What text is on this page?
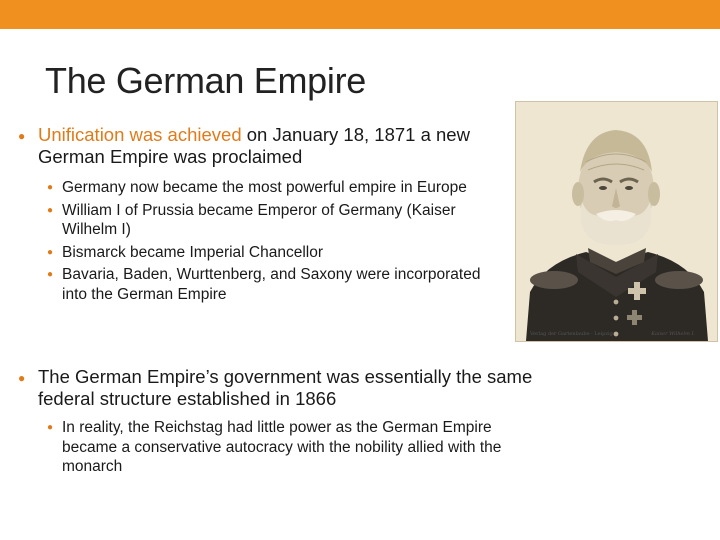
The German Empire
● Unification was achieved on January 18, 1871 a new German Empire was proclaimed
● Germany now became the most powerful empire in Europe
● William I of Prussia became Emperor of Germany (Kaiser Wilhelm I)
● Bismarck became Imperial Chancellor
● Bavaria, Baden, Wurttenberg, and Saxony were incorporated into the German Empire
● The German Empire’s government was essentially the same federal structure established in 1866
● In reality, the Reichstag had little power as the German Empire became a conservative autocracy with the nobility allied with the monarch
Verlag der Gartenlaube · Leipzig	Kaiser Wilhelm I.
